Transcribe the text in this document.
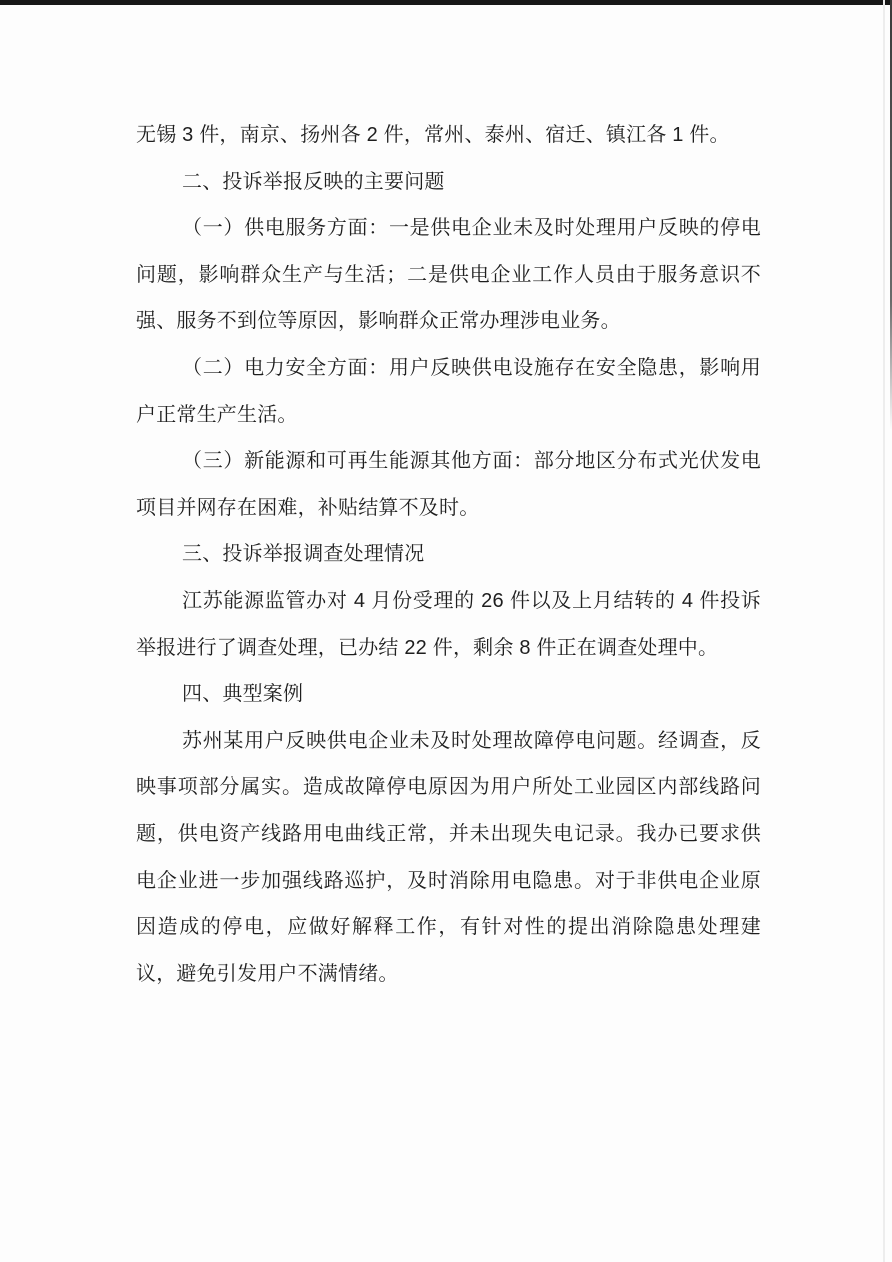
无锡 3 件，南京、扬州各 2 件，常州、泰州、宿迁、镇江各 1 件。

二、投诉举报反映的主要问题

（一）供电服务方面：一是供电企业未及时处理用户反映的停电问题，影响群众生产与生活；二是供电企业工作人员由于服务意识不强、服务不到位等原因，影响群众正常办理涉电业务。

（二）电力安全方面：用户反映供电设施存在安全隐患，影响用户正常生产生活。

（三）新能源和可再生能源其他方面：部分地区分布式光伏发电项目并网存在困难，补贴结算不及时。

三、投诉举报调查处理情况

江苏能源监管办对 4 月份受理的 26 件以及上月结转的 4 件投诉举报进行了调查处理，已办结 22 件，剩余 8 件正在调查处理中。

四、典型案例

苏州某用户反映供电企业未及时处理故障停电问题。经调查，反映事项部分属实。造成故障停电原因为用户所处工业园区内部线路问题，供电资产线路用电曲线正常，并未出现失电记录。我办已要求供电企业进一步加强线路巡护，及时消除用电隐患。对于非供电企业原因造成的停电，应做好解释工作，有针对性的提出消除隐患处理建议，避免引发用户不满情绪。
